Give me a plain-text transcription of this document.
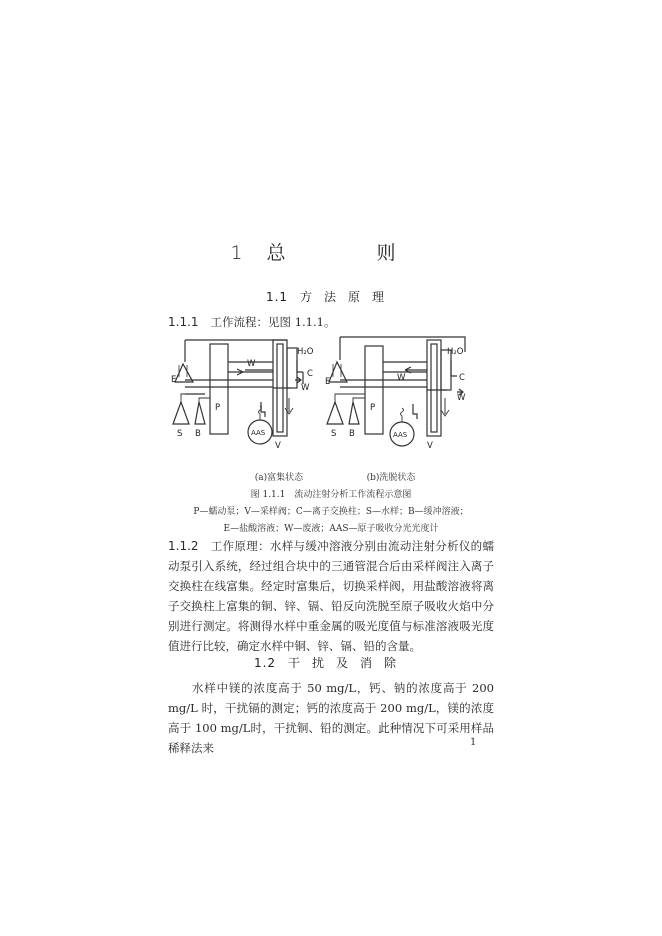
1 总　则
1.1 方法原理
1.1.1 工作流程：见图 1.1.1。
E
P
S B
V
C
W
W
H₂O
AAS
E
P
S B
V
C
W
W
H₂O
AAS
(a)富集状态	(b)洗脱状态
图 1.1.1　流动注射分析工作流程示意图
P—蠕动泵；V—采样阀；C—离子交换柱；S—水样；B—缓冲溶液；
E—盐酸溶液；W—废液；AAS—原子吸收分光光度计
1.1.2 工作原理：水样与缓冲溶液分别由流动注射分析仪的蠕动泵引入系统，经过组合块中的三通管混合后由采样阀注入离子交换柱在线富集。经定时富集后，切换采样阀，用盐酸溶液将离子交换柱上富集的铜、锌、镉、铅反向洗脱至原子吸收火焰中分别进行测定。将测得水样中重金属的吸光度值与标准溶液吸光度值进行比较，确定水样中铜、锌、镉、铅的含量。
1.2 干扰及消除
水样中镁的浓度高于 50 mg/L，钙、钠的浓度高于 200 mg/L 时，干扰镉的测定；钙的浓度高于 200 mg/L，镁的浓度高于 100 mg/L时，干扰铜、铅的测定。此种情况下可采用样品稀释法来	1
